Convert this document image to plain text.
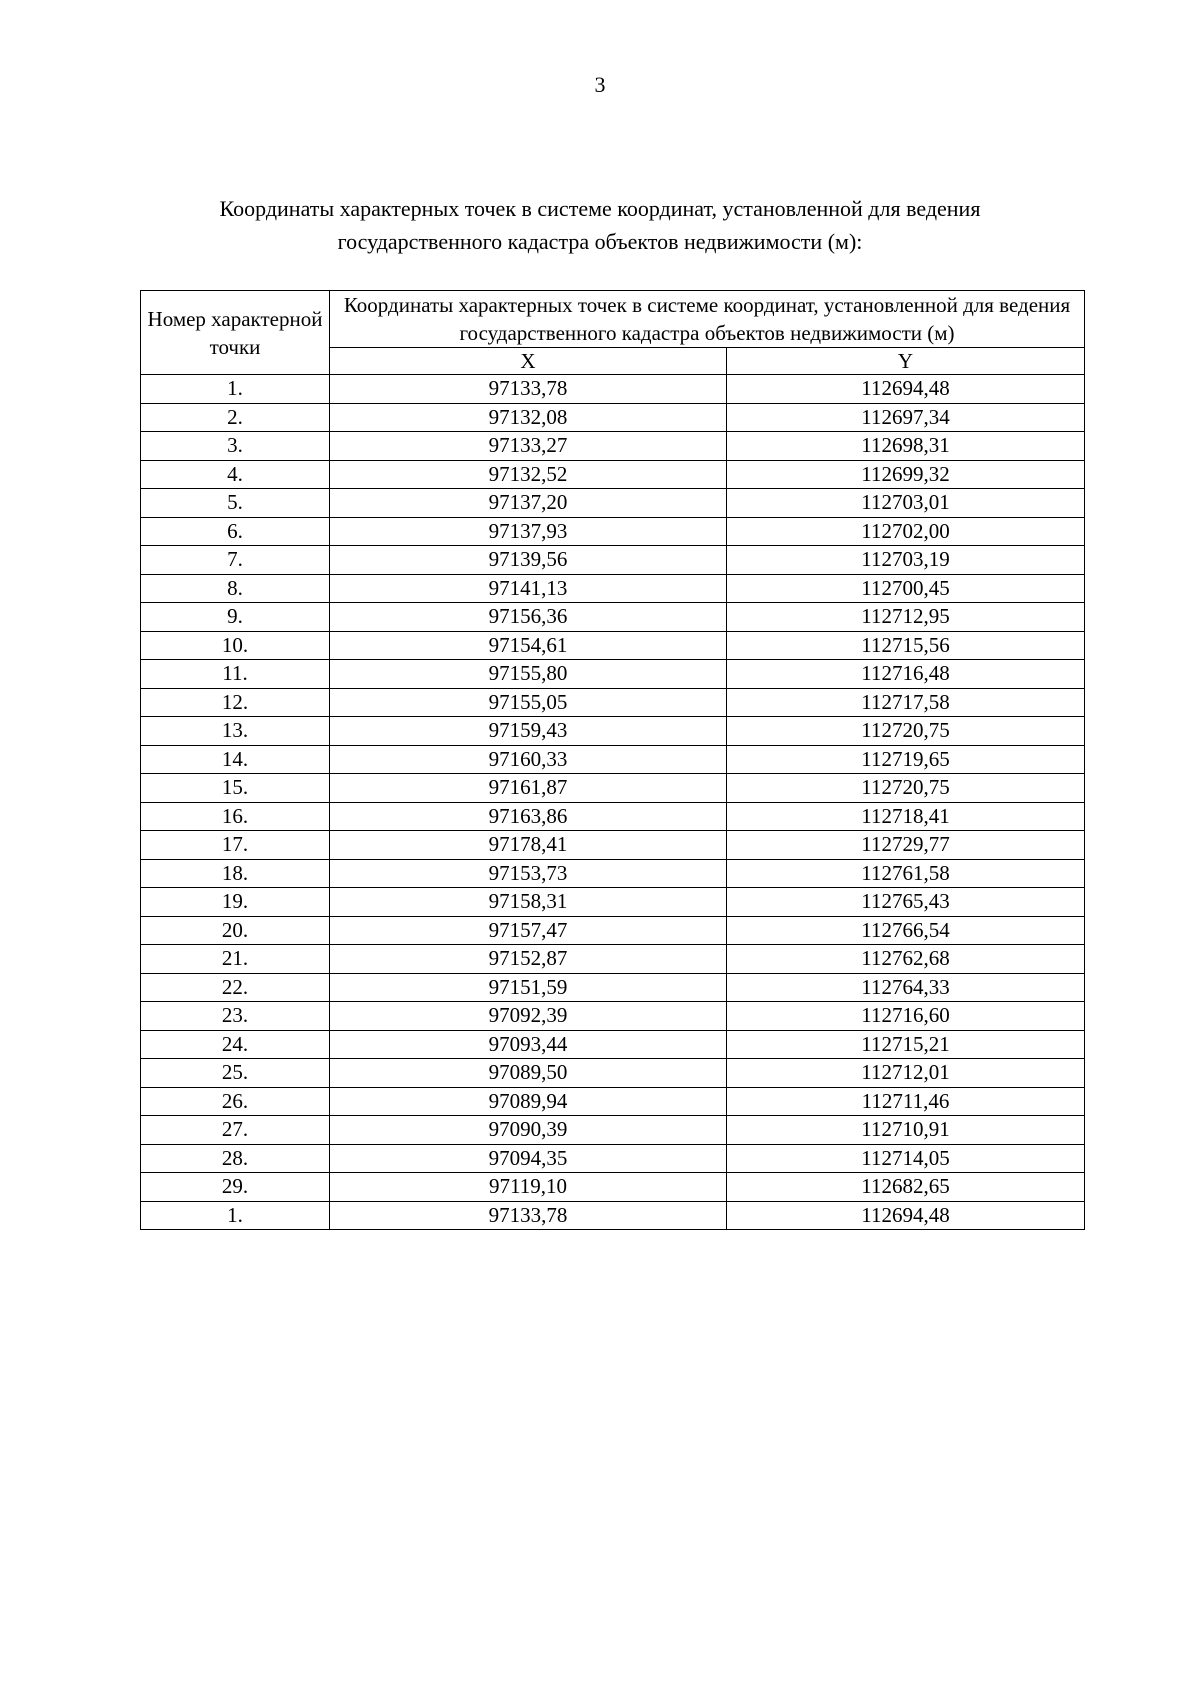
3
Координаты характерных точек в системе координат, установленной для ведения государственного кадастра объектов недвижимости (м):
Номер характерной точки	Координаты характерных точек в системе координат, установленной для ведения государственного кадастра объектов недвижимости (м)	
	X	Y
1.	97133,78	112694,48
2.	97132,08	112697,34
3.	97133,27	112698,31
4.	97132,52	112699,32
5.	97137,20	112703,01
6.	97137,93	112702,00
7.	97139,56	112703,19
8.	97141,13	112700,45
9.	97156,36	112712,95
10.	97154,61	112715,56
11.	97155,80	112716,48
12.	97155,05	112717,58
13.	97159,43	112720,75
14.	97160,33	112719,65
15.	97161,87	112720,75
16.	97163,86	112718,41
17.	97178,41	112729,77
18.	97153,73	112761,58
19.	97158,31	112765,43
20.	97157,47	112766,54
21.	97152,87	112762,68
22.	97151,59	112764,33
23.	97092,39	112716,60
24.	97093,44	112715,21
25.	97089,50	112712,01
26.	97089,94	112711,46
27.	97090,39	112710,91
28.	97094,35	112714,05
29.	97119,10	112682,65
1.	97133,78	112694,48
